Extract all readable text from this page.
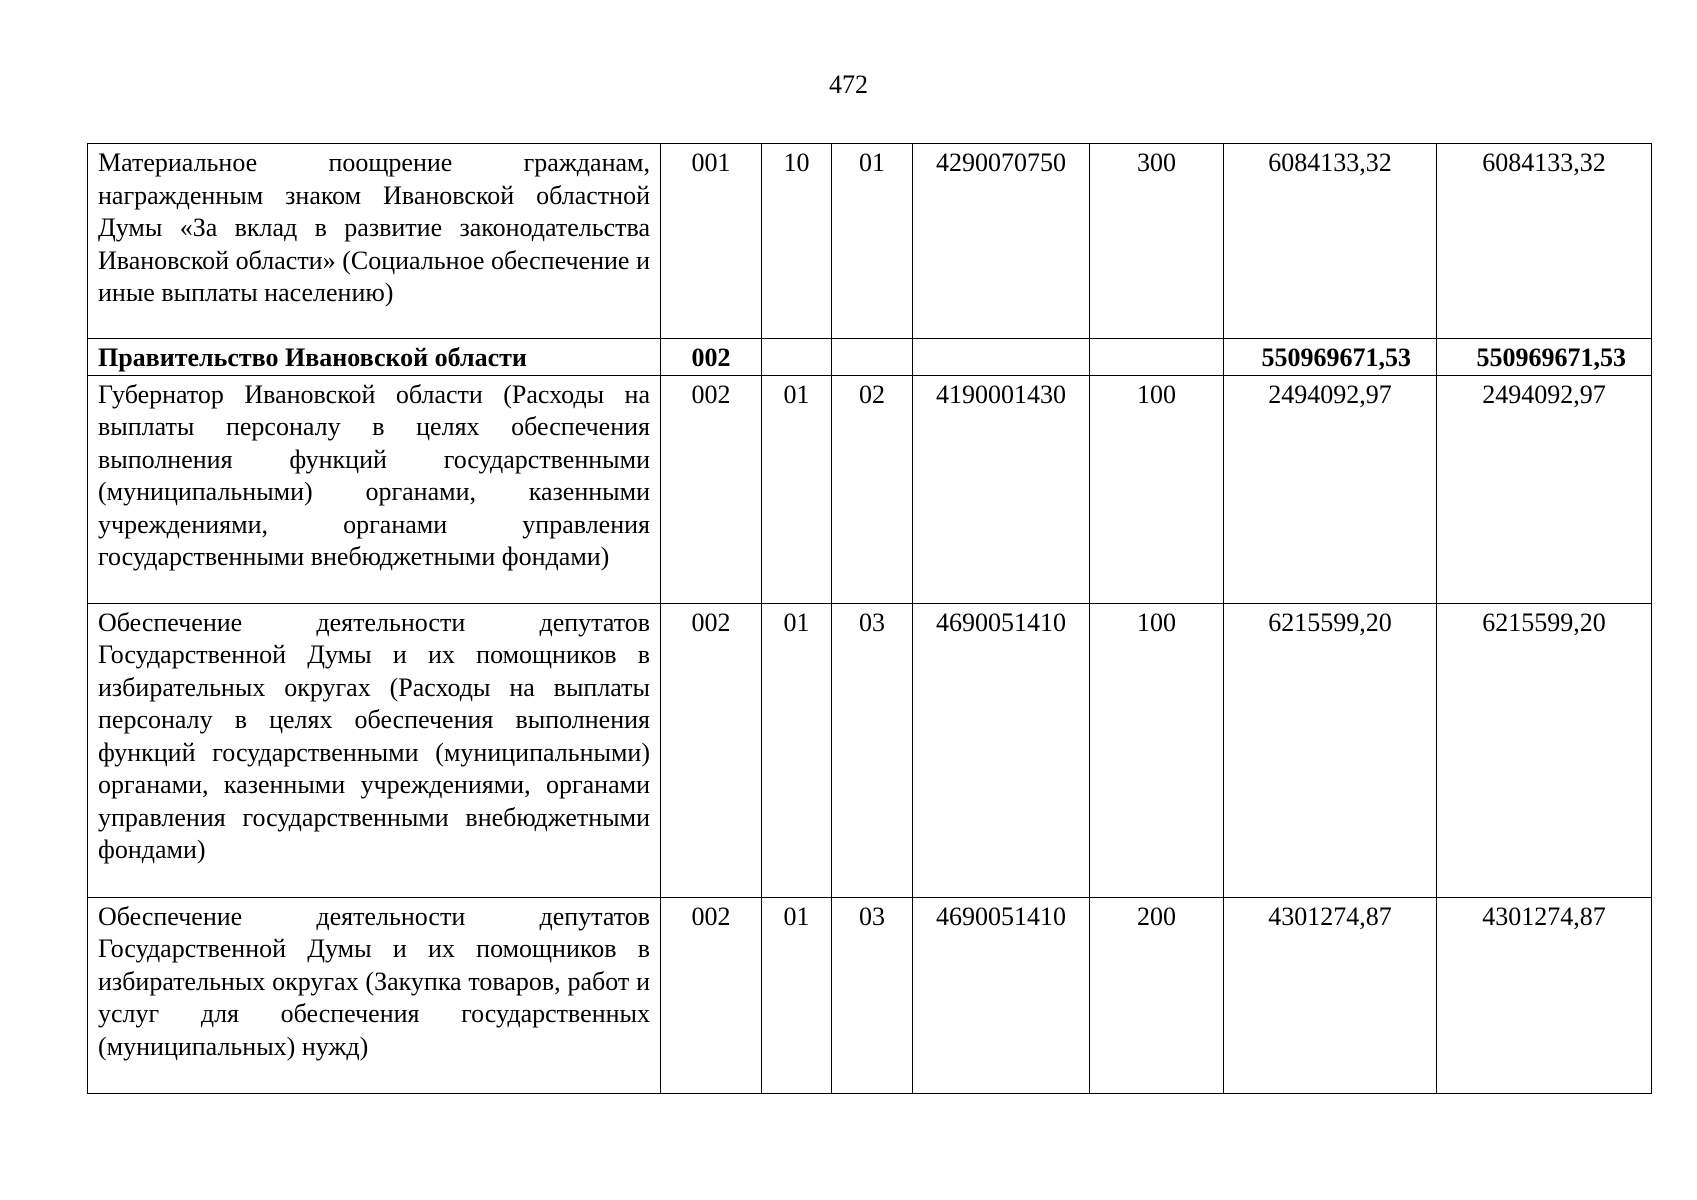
472
Материальное поощрение гражданам, награжденным знаком Ивановской областной Думы «За вклад в развитие законодательства Ивановской области» (Социальное обеспечение и иные выплаты населению)	001	10	01	4290070750	300	6084133,32	6084133,32
Правительство Ивановской области	002					550969671,53	550969671,53
Губернатор Ивановской области (Расходы на выплаты персоналу в целях обеспечения выполнения функций государственными (муниципальными) органами, казенными учреждениями, органами управления государственными внебюджетными фондами)	002	01	02	4190001430	100	2494092,97	2494092,97
Обеспечение деятельности депутатов Государственной Думы и их помощников в избирательных округах (Расходы на выплаты персоналу в целях обеспечения выполнения функций государственными (муниципальными) органами, казенными учреждениями, органами управления государственными внебюджетными фондами)	002	01	03	4690051410	100	6215599,20	6215599,20
Обеспечение деятельности депутатов Государственной Думы и их помощников в избирательных округах (Закупка товаров, работ и услуг для обеспечения государственных (муниципальных) нужд)	002	01	03	4690051410	200	4301274,87	4301274,87
